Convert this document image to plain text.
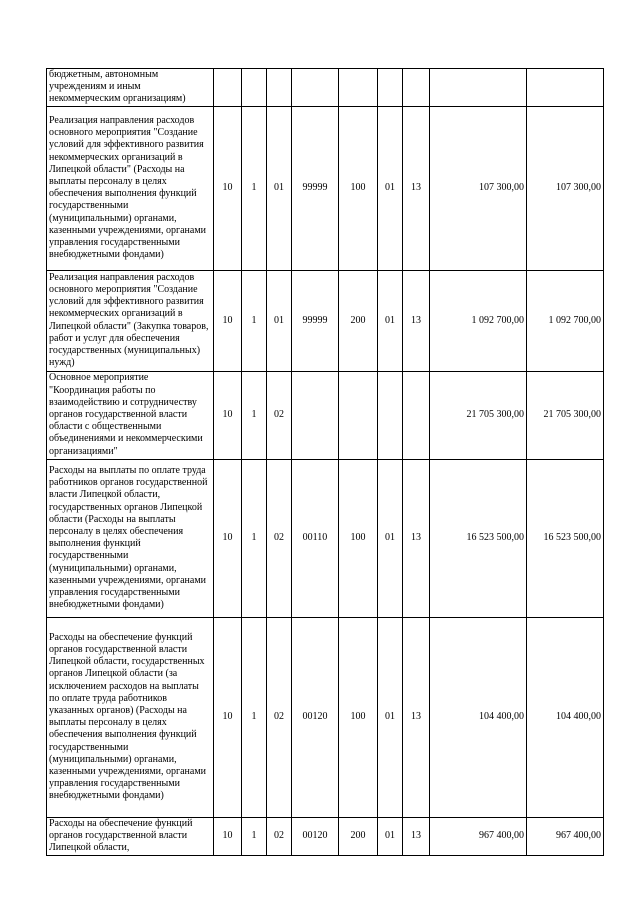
бюджетным, автономным учреждениям и иным некоммерческим организациям)									
Реализация направления расходов основного мероприятия "Создание условий для эффективного развития некоммерческих организаций в Липецкой области" (Расходы на выплаты персоналу в целях обеспечения выполнения функций государственными (муниципальными) органами, казенными учреждениями, органами управления государственными внебюджетными фондами)	10	1	01	99999	100	01	13	107 300,00	107 300,00
Реализация направления расходов основного мероприятия "Создание условий для эффективного развития некоммерческих организаций в Липецкой области" (Закупка товаров, работ и услуг для обеспечения государственных (муниципальных) нужд)	10	1	01	99999	200	01	13	1 092 700,00	1 092 700,00
Основное мероприятие "Координация работы по взаимодействию и сотрудничеству органов государственной власти области с общественными объединениями и некоммерческими организациями"	10	1	02					21 705 300,00	21 705 300,00
Расходы на выплаты по оплате труда работников органов государственной власти Липецкой области, государственных органов Липецкой области (Расходы на выплаты персоналу в целях обеспечения выполнения функций государственными (муниципальными) органами, казенными учреждениями, органами управления государственными внебюджетными фондами)	10	1	02	00110	100	01	13	16 523 500,00	16 523 500,00
Расходы на обеспечение функций органов государственной власти Липецкой области, государственных органов Липецкой области (за исключением расходов на выплаты по оплате труда работников указанных органов) (Расходы на выплаты персоналу в целях обеспечения выполнения функций государственными (муниципальными) органами, казенными учреждениями, органами управления государственными внебюджетными фондами)	10	1	02	00120	100	01	13	104 400,00	104 400,00
Расходы на обеспечение функций органов государственной власти Липецкой области,	10	1	02	00120	200	01	13	967 400,00	967 400,00
